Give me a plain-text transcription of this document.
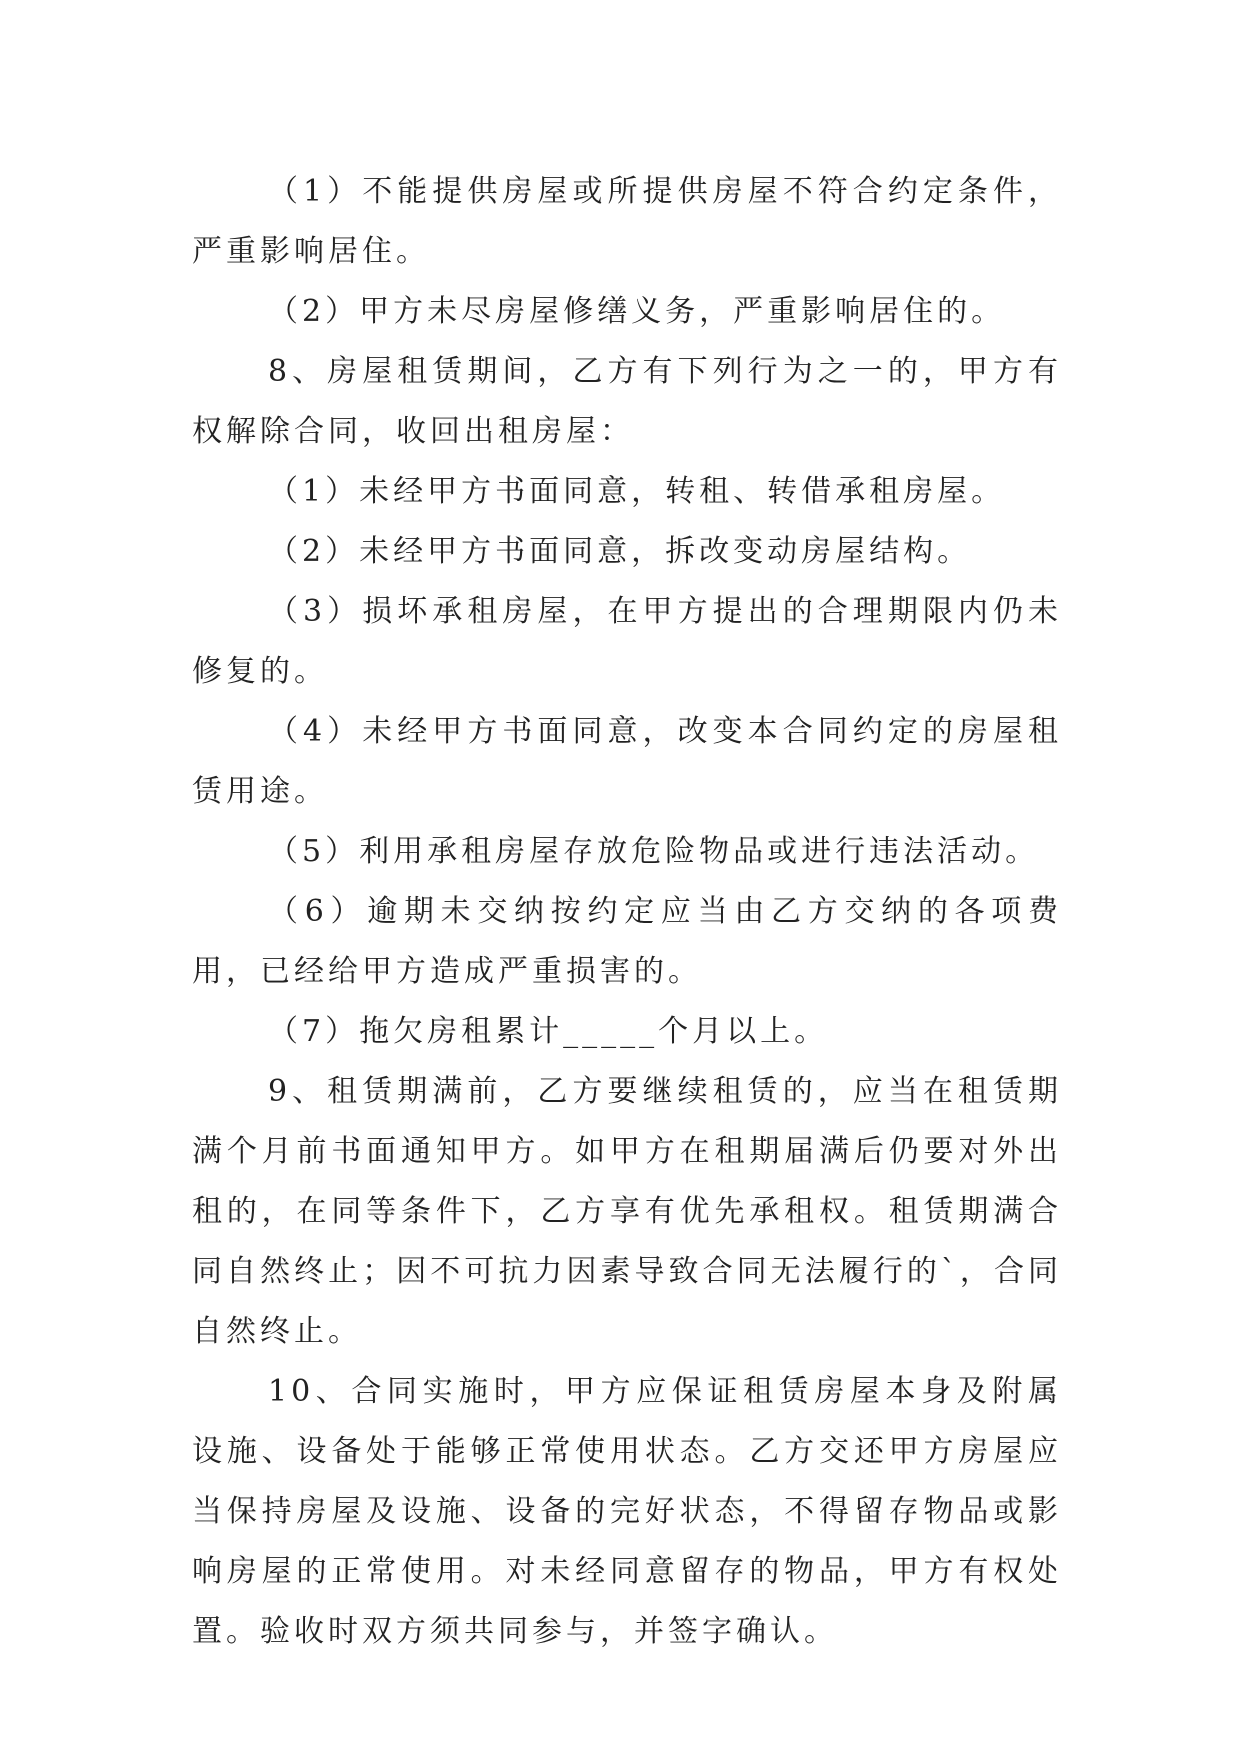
（1）不能提供房屋或所提供房屋不符合约定条件，严重影响居住。

（2）甲方未尽房屋修缮义务，严重影响居住的。

8、房屋租赁期间，乙方有下列行为之一的，甲方有权解除合同，收回出租房屋：

（1）未经甲方书面同意，转租、转借承租房屋。

（2）未经甲方书面同意，拆改变动房屋结构。

（3）损坏承租房屋，在甲方提出的合理期限内仍未修复的。

（4）未经甲方书面同意，改变本合同约定的房屋租赁用途。

（5）利用承租房屋存放危险物品或进行违法活动。

（6）逾期未交纳按约定应当由乙方交纳的各项费用，已经给甲方造成严重损害的。

（7）拖欠房租累计_____个月以上。

9、租赁期满前，乙方要继续租赁的，应当在租赁期满个月前书面通知甲方。如甲方在租期届满后仍要对外出租的，在同等条件下，乙方享有优先承租权。租赁期满合同自然终止；因不可抗力因素导致合同无法履行的`，合同自然终止。

10、合同实施时，甲方应保证租赁房屋本身及附属设施、设备处于能够正常使用状态。乙方交还甲方房屋应当保持房屋及设施、设备的完好状态，不得留存物品或影响房屋的正常使用。对未经同意留存的物品，甲方有权处置。验收时双方须共同参与，并签字确认。
